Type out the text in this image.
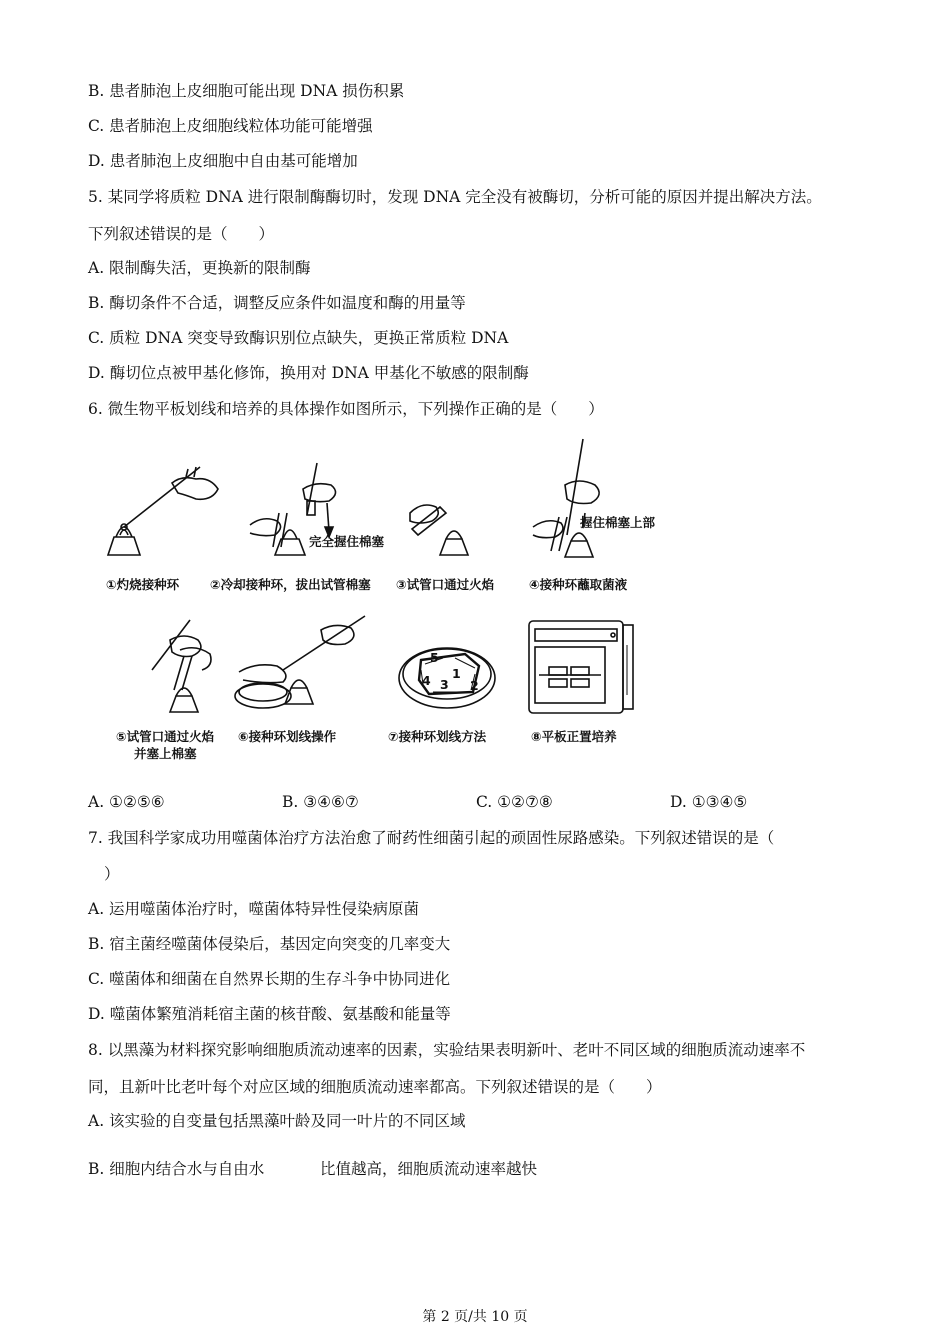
B. 患者肺泡上皮细胞可能出现 DNA 损伤积累
C. 患者肺泡上皮细胞线粒体功能可能增强
D. 患者肺泡上皮细胞中自由基可能增加
5. 某同学将质粒 DNA 进行限制酶酶切时，发现 DNA 完全没有被酶切，分析可能的原因并提出解决方法。
下列叙述错误的是（　　）
A. 限制酶失活，更换新的限制酶
B. 酶切条件不合适，调整反应条件如温度和酶的用量等
C. 质粒 DNA 突变导致酶识别位点缺失，更换正常质粒 DNA
D. 酶切位点被甲基化修饰，换用对 DNA 甲基化不敏感的限制酶
6. 微生物平板划线和培养的具体操作如图所示，下列操作正确的是（　　）
完全握住棉塞
握住棉塞上部
①灼烧接种环 ②冷却接种环，拔出试管棉塞 ③试管口通过火焰	④接种环蘸取菌液
5
1
4 3 2
⑤试管口通过火焰
并塞上棉塞
⑥接种环划线操作	⑦接种环划线方法	⑧平板正置培养
A. ①②⑤⑥	B. ③④⑥⑦	C. ①②⑦⑧	D. ①③④⑤
7. 我国科学家成功用噬菌体治疗方法治愈了耐药性细菌引起的顽固性尿路感染。下列叙述错误的是（
）
A. 运用噬菌体治疗时，噬菌体特异性侵染病原菌
B. 宿主菌经噬菌体侵染后，基因定向突变的几率变大
C. 噬菌体和细菌在自然界长期的生存斗争中协同进化
D. 噬菌体繁殖消耗宿主菌的核苷酸、氨基酸和能量等
8. 以黑藻为材料探究影响细胞质流动速率的因素，实验结果表明新叶、老叶不同区域的细胞质流动速率不
同，且新叶比老叶每个对应区域的细胞质流动速率都高。下列叙述错误的是（　　）
A. 该实验的自变量包括黑藻叶龄及同一叶片的不同区域
B. 细胞内结合水与自由水	比值越高，细胞质流动速率越快
第 2 页/共 10 页
